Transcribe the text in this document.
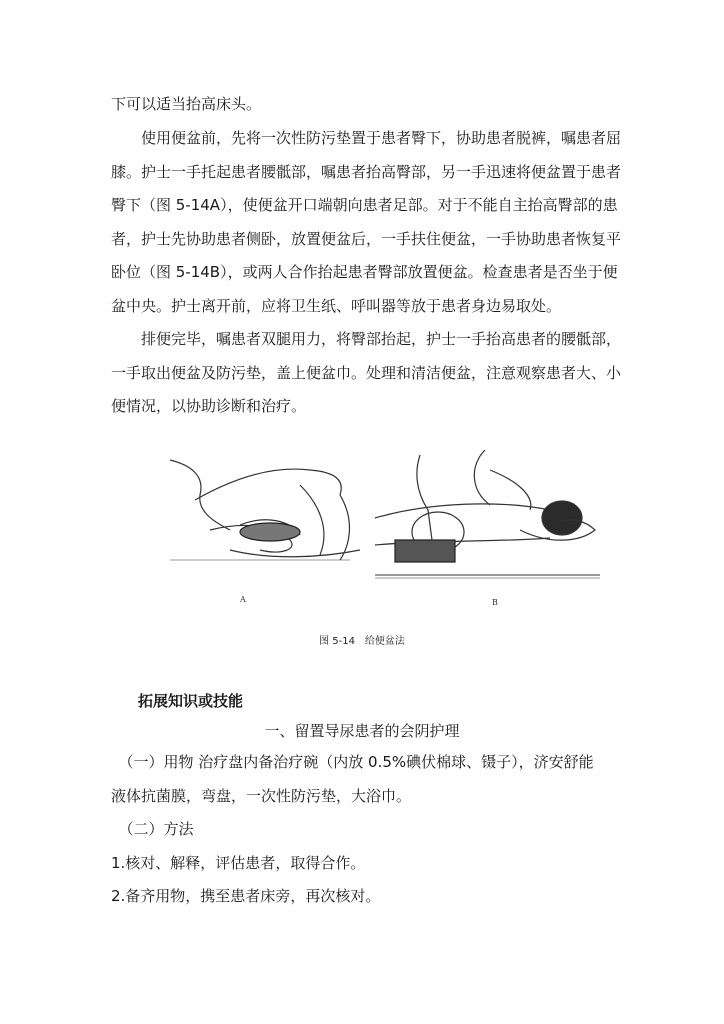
下可以适当抬高床头。
　　使用便盆前，先将一次性防污垫置于患者臀下，协助患者脱裤，嘱患者屈
膝。护士一手托起患者腰骶部，嘱患者抬高臀部，另一手迅速将便盆置于患者
臀下（图 5-14A），使便盆开口端朝向患者足部。对于不能自主抬高臀部的患
者，护士先协助患者侧卧，放置便盆后，一手扶住便盆，一手协助患者恢复平
卧位（图 5-14B），或两人合作抬起患者臀部放置便盆。检查患者是否坐于便
盆中央。护士离开前，应将卫生纸、呼叫器等放于患者身边易取处。
　　排便完毕，嘱患者双腿用力，将臀部抬起，护士一手抬高患者的腰骶部，
一手取出便盆及防污垫，盖上便盆巾。处理和清洁便盆，注意观察患者大、小
便情况，以协助诊断和治疗。
A	B
图 5-14　给便盆法
拓展知识或技能
一、留置导尿患者的会阴护理
　（一）用物 治疗盘内备治疗碗（内放 0.5%碘伏棉球、镊子），济安舒能
液体抗菌膜，弯盘，一次性防污垫，大浴巾。
　（二）方法
1.核对、解释，评估患者，取得合作。
2.备齐用物，携至患者床旁，再次核对。
